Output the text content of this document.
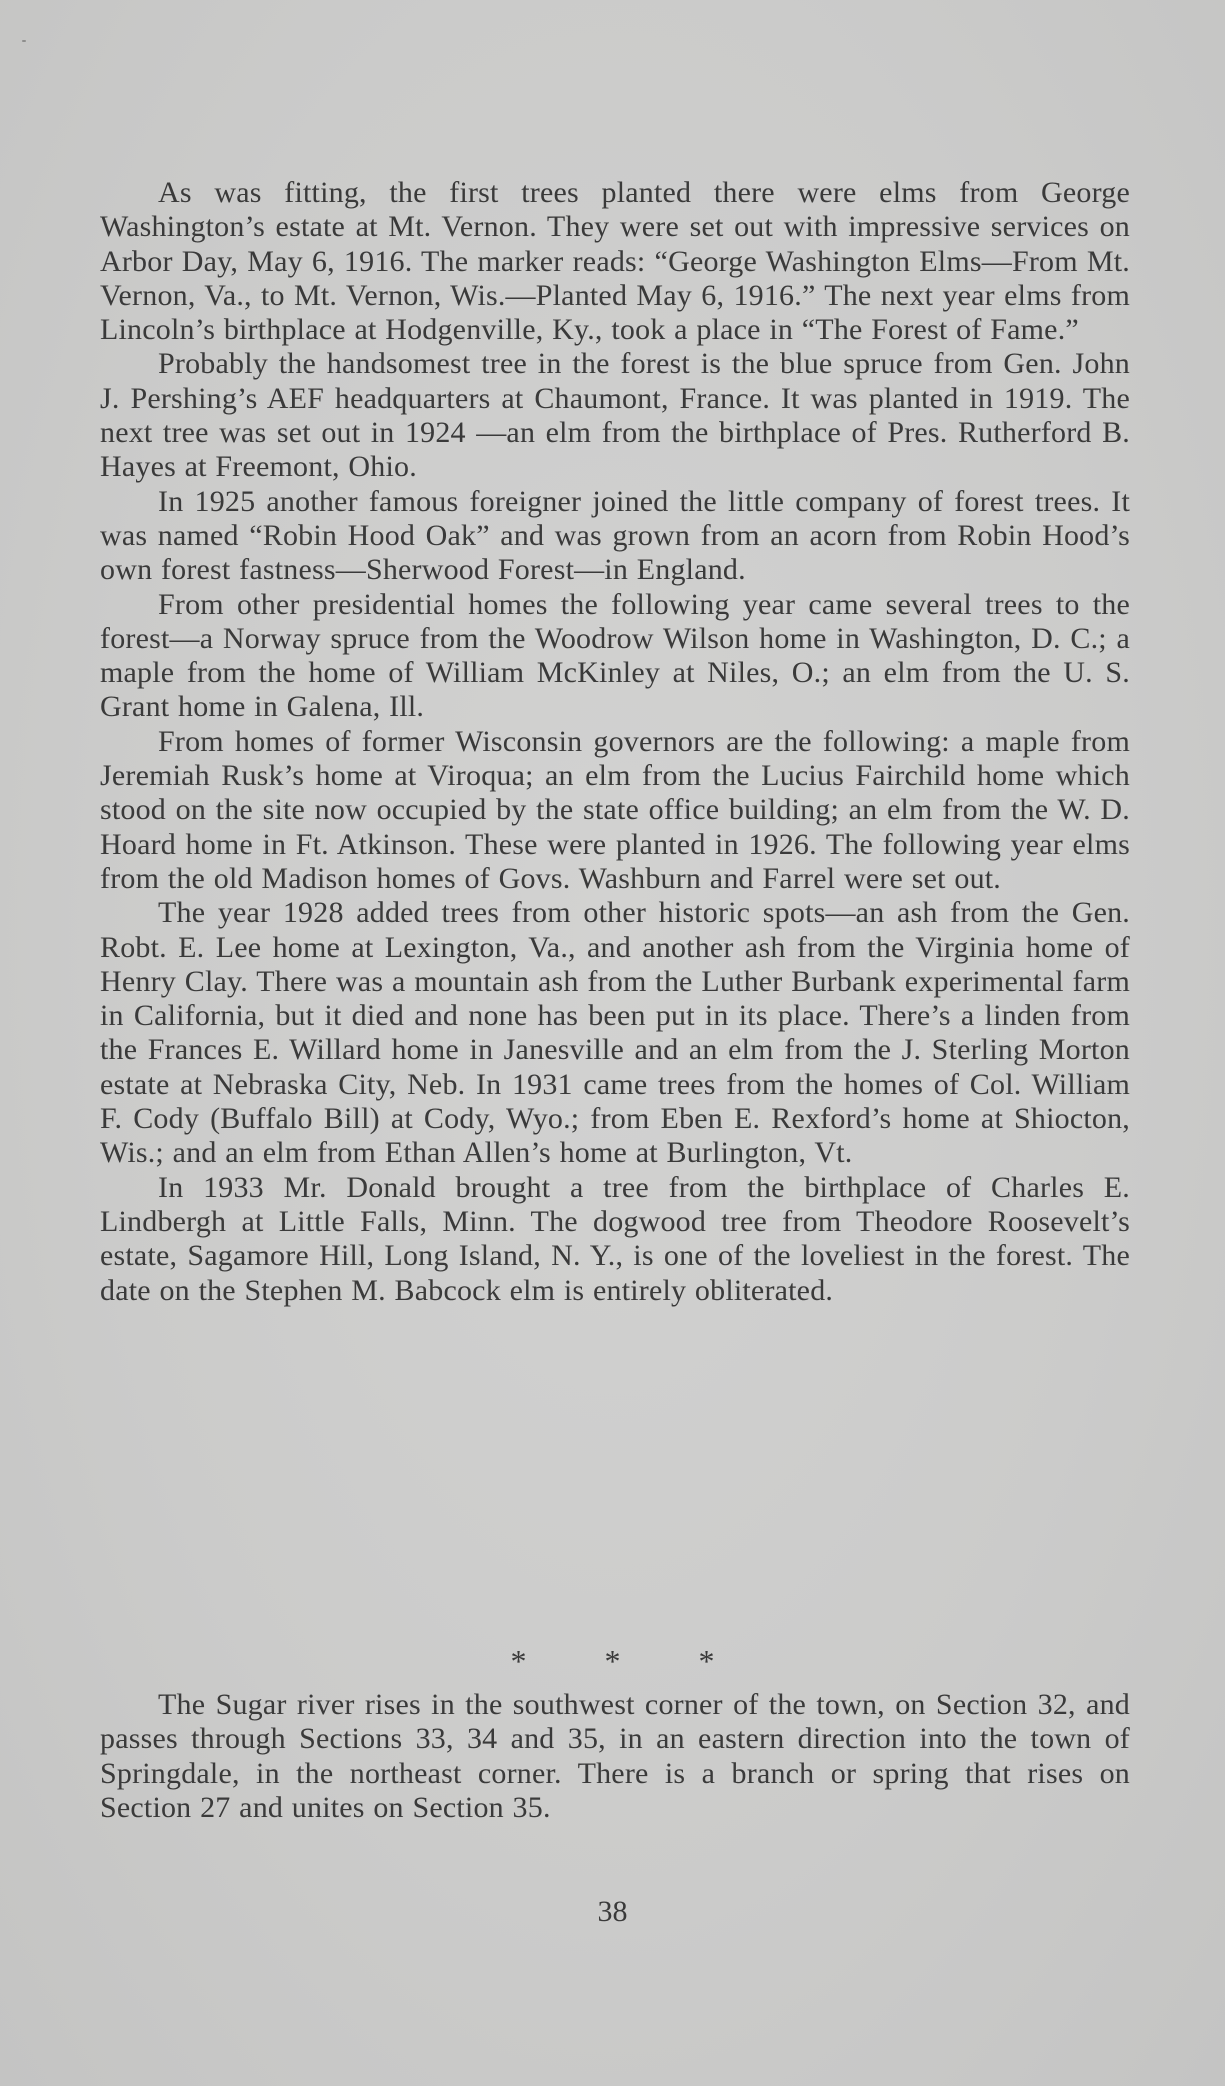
As was fitting, the first trees planted there were elms from George Washington’s estate at Mt. Vernon. They were set out with impressive services on Arbor Day, May 6, 1916. The marker reads: “George Washington Elms—From Mt. Vernon, Va., to Mt. Vernon, Wis.—Planted May 6, 1916.” The next year elms from Lincoln’s birthplace at Hodgenville, Ky., took a place in “The Forest of Fame.”

Probably the handsomest tree in the forest is the blue spruce from Gen. John J. Pershing’s AEF headquarters at Chaumont, France. It was planted in 1919. The next tree was set out in 1924 —an elm from the birthplace of Pres. Rutherford B. Hayes at Freemont, Ohio.

In 1925 another famous foreigner joined the little company of forest trees. It was named “Robin Hood Oak” and was grown from an acorn from Robin Hood’s own forest fastness—Sherwood Forest—in England.

From other presidential homes the following year came several trees to the forest—a Norway spruce from the Woodrow Wilson home in Washington, D. C.; a maple from the home of William McKinley at Niles, O.; an elm from the U. S. Grant home in Galena, Ill.

From homes of former Wisconsin governors are the following: a maple from Jeremiah Rusk’s home at Viroqua; an elm from the Lucius Fairchild home which stood on the site now occupied by the state office building; an elm from the W. D. Hoard home in Ft. Atkinson. These were planted in 1926. The following year elms from the old Madison homes of Govs. Washburn and Farrel were set out.

The year 1928 added trees from other historic spots—an ash from the Gen. Robt. E. Lee home at Lexington, Va., and another ash from the Virginia home of Henry Clay. There was a mountain ash from the Luther Burbank experimental farm in California, but it died and none has been put in its place. There’s a linden from the Frances E. Willard home in Janesville and an elm from the J. Sterling Morton estate at Nebraska City, Neb. In 1931 came trees from the homes of Col. William F. Cody (Buffalo Bill) at Cody, Wyo.; from Eben E. Rexford’s home at Shiocton, Wis.; and an elm from Ethan Allen’s home at Burlington, Vt.

In 1933 Mr. Donald brought a tree from the birthplace of Charles E. Lindbergh at Little Falls, Minn. The dogwood tree from Theodore Roosevelt’s estate, Sagamore Hill, Long Island, N. Y., is one of the loveliest in the forest. The date on the Stephen M. Babcock elm is entirely obliterated.

* * *

The Sugar river rises in the southwest corner of the town, on Section 32, and passes through Sections 33, 34 and 35, in an eastern direction into the town of Springdale, in the northeast corner. There is a branch or spring that rises on Section 27 and unites on Section 35.

38
